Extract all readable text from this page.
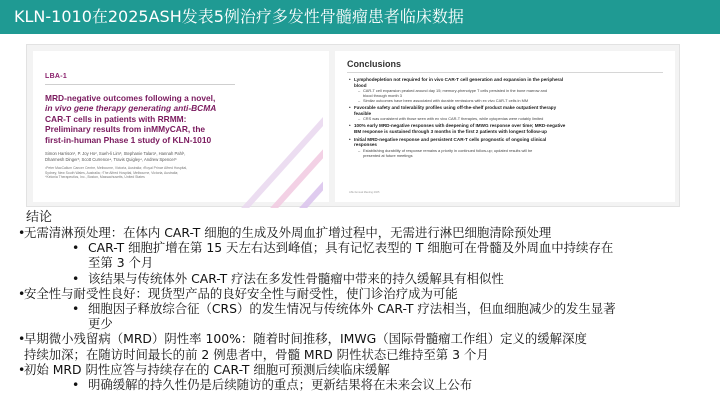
KLN-1010在2025ASH发表5例治疗多发性骨髓瘤患者临床数据
LBA-1
MRD-negative outcomes following a novel,
in vivo gene therapy generating anti-BCMA
CAR-T cells in patients with RRMM:
Preliminary results from inMMyCAR, the
first-in-human Phase 1 study of KLN-1010
Simon Harrison¹, P. Joy Ho², Sueh-li Lim³, Stephanie Talaro¹, Hannah Pahl¹,
Dharmesh Dinger³, Scott Currence⁴, Travis Quigley⁴, Andrew Spencer³
¹Peter MacCallum Cancer Centre, Melbourne, Victoria, Australia; ²Royal Prince Alfred Hospital,
Sydney, New South Wales, Australia; ³The Alfred Hospital, Melbourne, Victoria, Australia;
⁴Kelonia Therapeutics, Inc., Boston, Massachusetts, United States
Conclusions
• Lymphodepletion not required for in vivo CAR-T cell generation and expansion in the peripheral
blood
– CAR-T cell expansion peaked around day 15; memory-phenotype T cells persisted in the bone marrow and
blood through month 3
– Similar outcomes have been associated with durable remissions with ex vivo CAR-T cells in MM
• Favorable safety and tolerability profiles using off-the-shelf product make outpatient therapy
feasible
– CRS was consistent with those seen with ex vivo CAR-T therapies, while cytopenias were notably limited
• 100% early MRD-negative responses with deepening of IMWG response over time; MRD-negative
BM response is sustained through 3 months in the first 2 patients with longest follow-up
• Initial MRD-negative response and persistent CAR-T cells prognostic of ongoing clinical
responses
– Establishing durability of response remains a priority in continued follow-up; updated results will be
presented at future meetings
ASH Annual Meeting 2025
结论
•
无需清淋预处理：在体内 CAR-T 细胞的生成及外周血扩增过程中，无需进行淋巴细胞清除预处理
• CAR-T 细胞扩增在第 15 天左右达到峰值；具有记忆表型的 T 细胞可在骨髓及外周血中持续存在
至第 3 个月
• 该结果与传统体外 CAR-T 疗法在多发性骨髓瘤中带来的持久缓解具有相似性
•
安全性与耐受性良好：现货型产品的良好安全性与耐受性，使门诊治疗成为可能
• 细胞因子释放综合征（CRS）的发生情况与传统体外 CAR-T 疗法相当，但血细胞减少的发生显著
更少
•
早期微小残留病（MRD）阴性率 100%：随着时间推移，IMWG（国际骨髓瘤工作组）定义的缓解深度
持续加深；在随访时间最长的前 2 例患者中，骨髓 MRD 阴性状态已维持至第 3 个月
•
初始 MRD 阴性应答与持续存在的 CAR-T 细胞可预测后续临床缓解
• 明确缓解的持久性仍是后续随访的重点；更新结果将在未来会议上公布
